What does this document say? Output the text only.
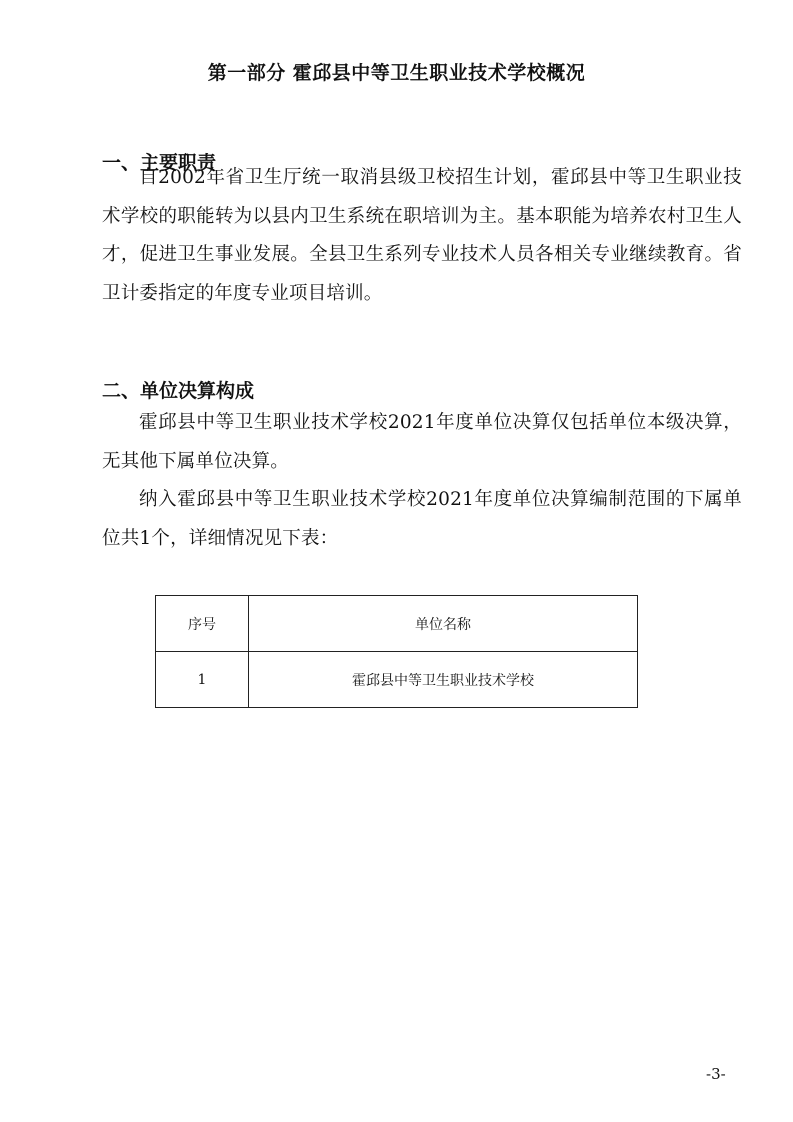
第一部分 霍邱县中等卫生职业技术学校概况
一、主要职责

自2002年省卫生厅统一取消县级卫校招生计划，霍邱县中等卫生职业技术学校的职能转为以县内卫生系统在职培训为主。基本职能为培养农村卫生人才，促进卫生事业发展。全县卫生系列专业技术人员各相关专业继续教育。省卫计委指定的年度专业项目培训。

二、单位决算构成

霍邱县中等卫生职业技术学校2021年度单位决算仅包括单位本级决算，无其他下属单位决算。

纳入霍邱县中等卫生职业技术学校2021年度单位决算编制范围的下属单位共1个，详细情况见下表：

序号	单位名称
1	霍邱县中等卫生职业技术学校
-3-
